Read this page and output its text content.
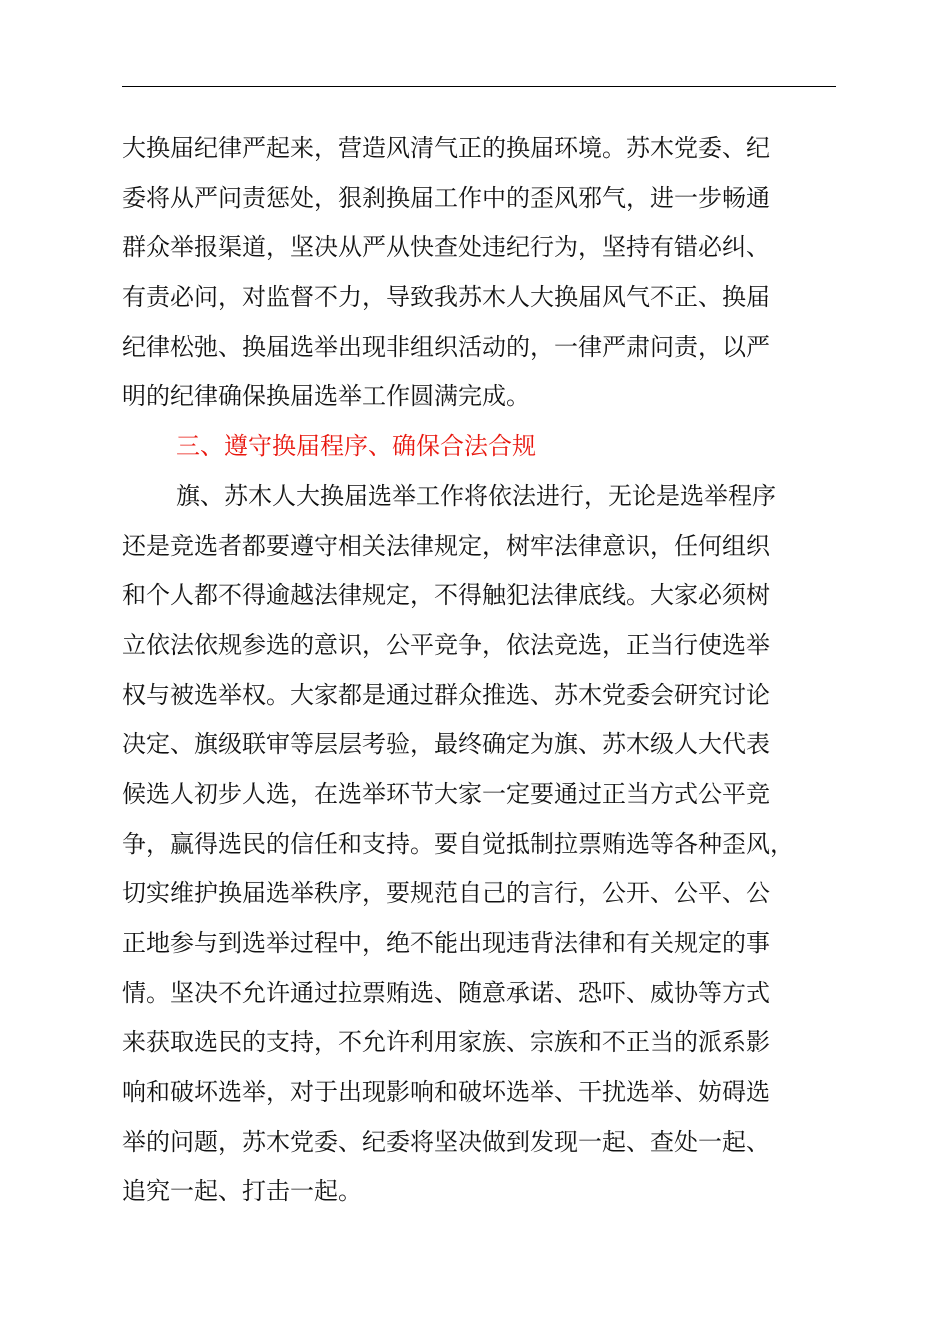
大换届纪律严起来，营造风清气正的换届环境。苏木党委、纪
委将从严问责惩处，狠刹换届工作中的歪风邪气，进一步畅通
群众举报渠道，坚决从严从快查处违纪行为，坚持有错必纠、
有责必问，对监督不力，导致我苏木人大换届风气不正、换届
纪律松弛、换届选举出现非组织活动的，一律严肃问责，以严
明的纪律确保换届选举工作圆满完成。
三、遵守换届程序、确保合法合规
旗、苏木人大换届选举工作将依法进行，无论是选举程序
还是竞选者都要遵守相关法律规定，树牢法律意识，任何组织
和个人都不得逾越法律规定，不得触犯法律底线。大家必须树
立依法依规参选的意识，公平竞争，依法竞选，正当行使选举
权与被选举权。大家都是通过群众推选、苏木党委会研究讨论
决定、旗级联审等层层考验，最终确定为旗、苏木级人大代表
候选人初步人选，在选举环节大家一定要通过正当方式公平竞
争，赢得选民的信任和支持。要自觉抵制拉票贿选等各种歪风，
切实维护换届选举秩序，要规范自己的言行，公开、公平、公
正地参与到选举过程中，绝不能出现违背法律和有关规定的事
情。坚决不允许通过拉票贿选、随意承诺、恐吓、威协等方式
来获取选民的支持，不允许利用家族、宗族和不正当的派系影
响和破坏选举，对于出现影响和破坏选举、干扰选举、妨碍选
举的问题，苏木党委、纪委将坚决做到发现一起、查处一起、
追究一起、打击一起。
